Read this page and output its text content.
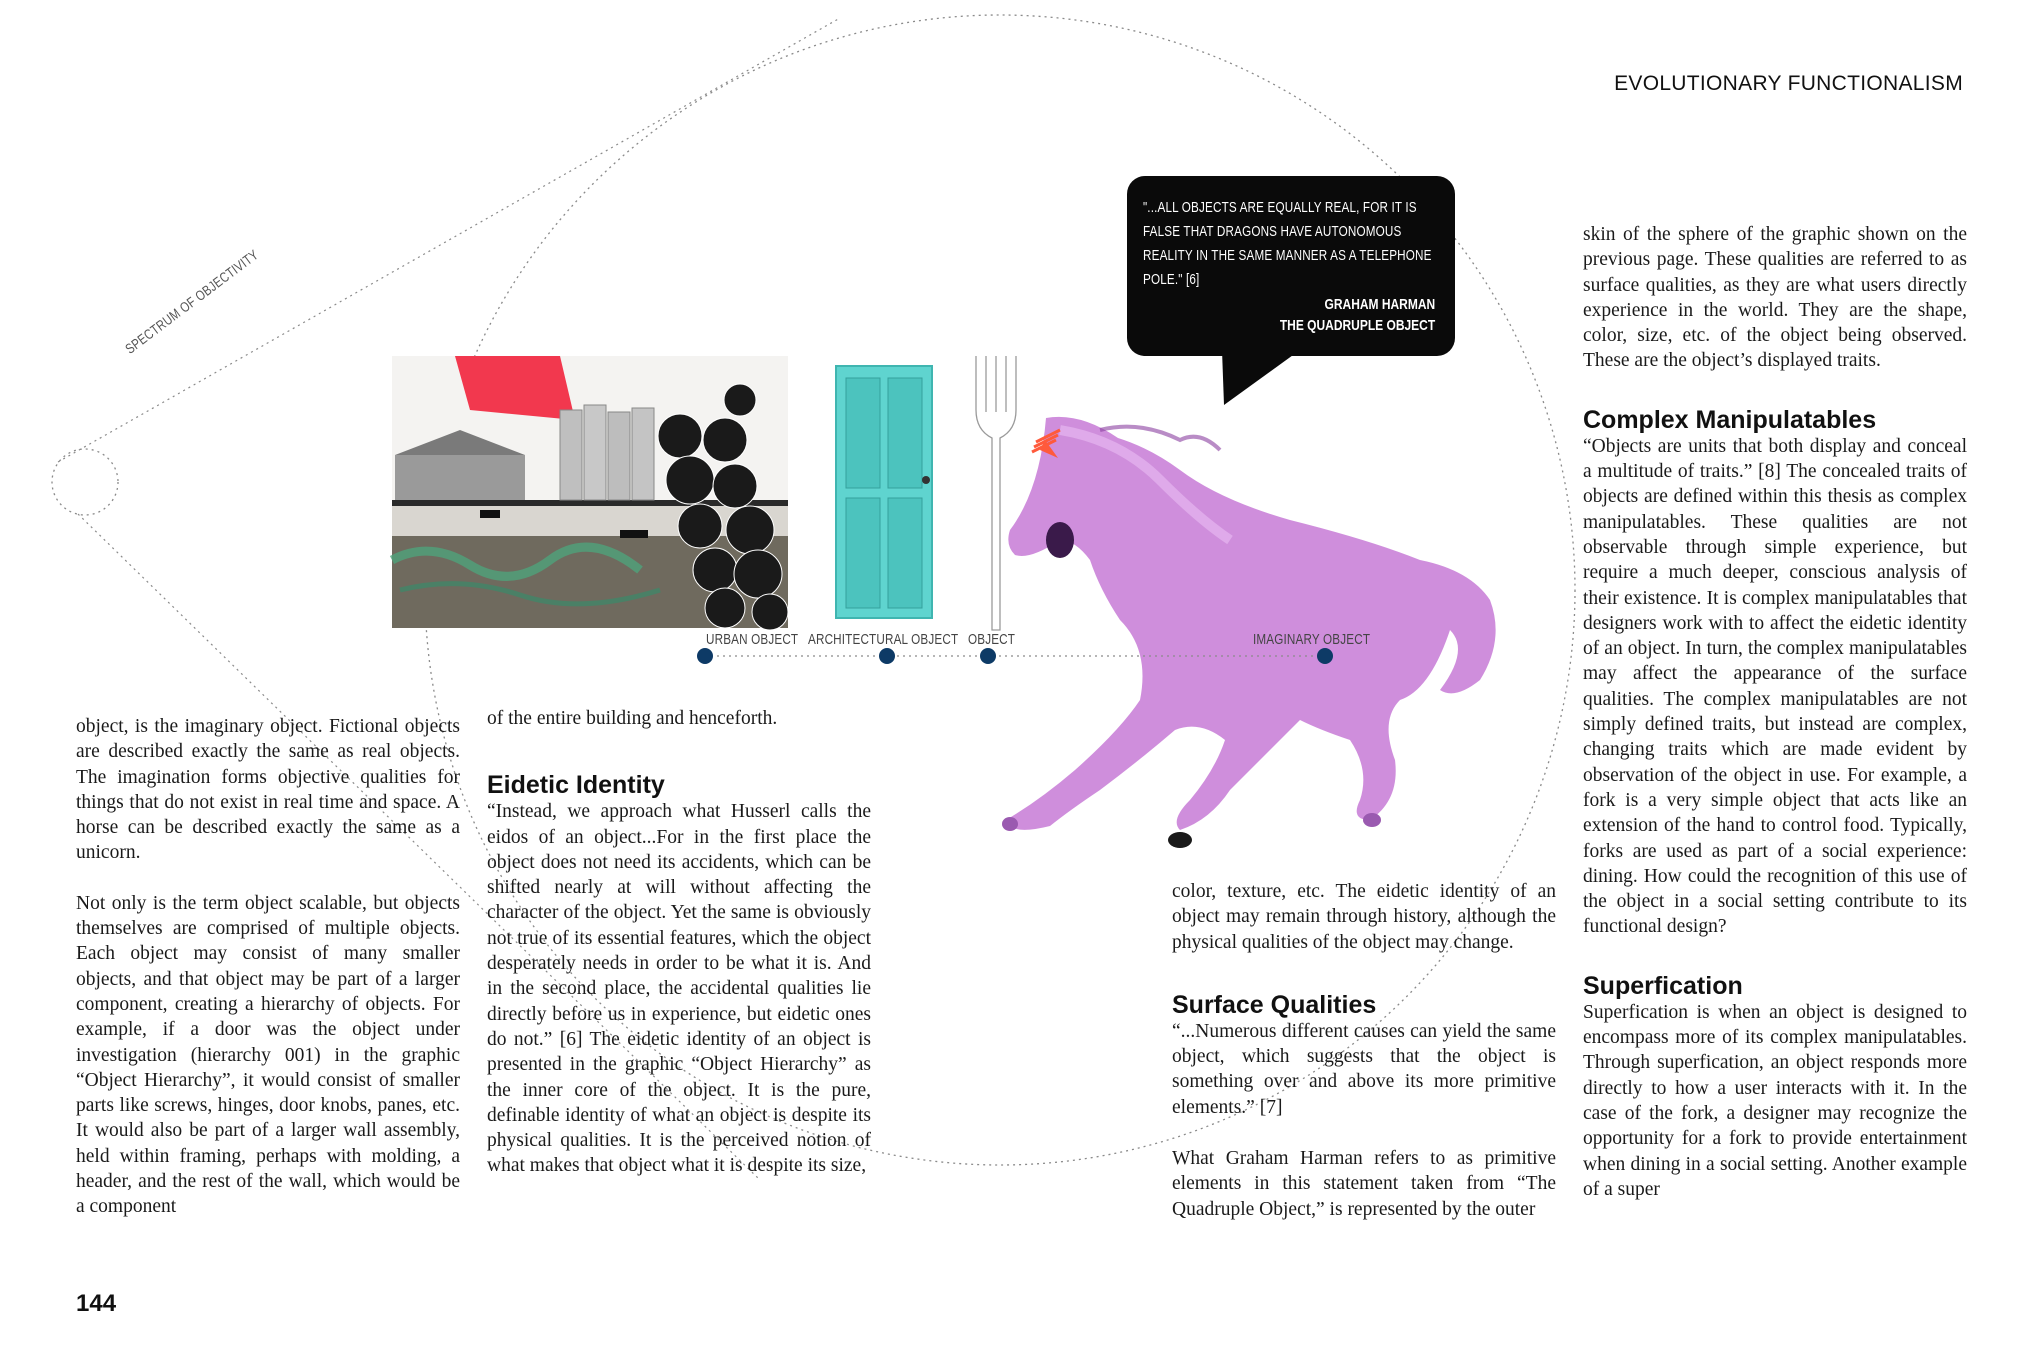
EVOLUTIONARY FUNCTIONALISM
SPECTRUM OF OBJECTIVITY
URBAN OBJECT ARCHITECTURAL OBJECT OBJECT	IMAGINARY OBJECT
"...ALL OBJECTS ARE EQUALLY REAL, FOR IT IS FALSE THAT DRAGONS HAVE AUTONOMOUS REALITY IN THE SAME MANNER AS A TELEPHONE POLE." [6]
GRAHAM HARMAN
THE QUADRUPLE OBJECT

object, is the imaginary object. Fictional objects are described exactly the same as real objects. The imagination forms objective qualities for things that do not exist in real time and space. A horse can be described exactly the same as a unicorn.

Not only is the term object scalable, but objects themselves are comprised of multiple objects. Each object may consist of many smaller objects, and that object may be part of a larger component, creating a hierarchy of objects. For example, if a door was the object under investigation (hierarchy 001) in the graphic “Object Hierarchy”, it would consist of smaller parts like screws, hinges, door knobs, panes, etc. It would also be part of a larger wall assembly, held within framing, perhaps with molding, a header, and the rest of the wall, which would be a component

of the entire building and henceforth.

Eidetic Identity

“Instead, we approach what Husserl calls the eidos of an object...For in the first place the object does not need its accidents, which can be shifted nearly at will without affecting the character of the object. Yet the same is obviously not true of its essential features, which the object desperately needs in order to be what it is. And in the second place, the accidental qualities lie directly before us in experience, but eidetic ones do not.” [6] The eidetic identity of an object is presented in the graphic “Object Hierarchy” as the inner core of the object. It is the pure, definable identity of what an object is despite its physical qualities. It is the perceived notion of what makes that object what it is despite its size,

color, texture, etc. The eidetic identity of an object may remain through history, although the physical qualities of the object may change.

Surface Qualities

“...Numerous different causes can yield the same object, which suggests that the object is something over and above its more primitive elements.” [7]

What Graham Harman refers to as primitive elements in this statement taken from “The Quadruple Object,” is represented by the outer

skin of the sphere of the graphic shown on the previous page. These qualities are referred to as surface qualities, as they are what users directly experience in the world. They are the shape, color, size, etc. of the object being observed. These are the object’s displayed traits.

Complex Manipulatables

“Objects are units that both display and conceal a multitude of traits.” [8] The concealed traits of objects are defined within this thesis as complex manipulatables. These qualities are not observable through simple experience, but require a much deeper, conscious analysis of their existence. It is complex manipulatables that designers work with to affect the eidetic identity of an object. In turn, the complex manipulatables may affect the appearance of the surface qualities. The complex manipulatables are not simply defined traits, but instead are complex, changing traits which are made evident by observation of the object in use. For example, a fork is a very simple object that acts like an extension of the hand to control food. Typically, forks are used as part of a social experience: dining. How could the recognition of this use of the object in a social setting contribute to its functional design?

Superfication

Superfication is when an object is designed to encompass more of its complex manipulatables. Through superfication, an object responds more directly to how a user interacts with it. In the case of the fork, a designer may recognize the opportunity for a fork to provide entertainment when dining in a social setting. Another example of a super

144
